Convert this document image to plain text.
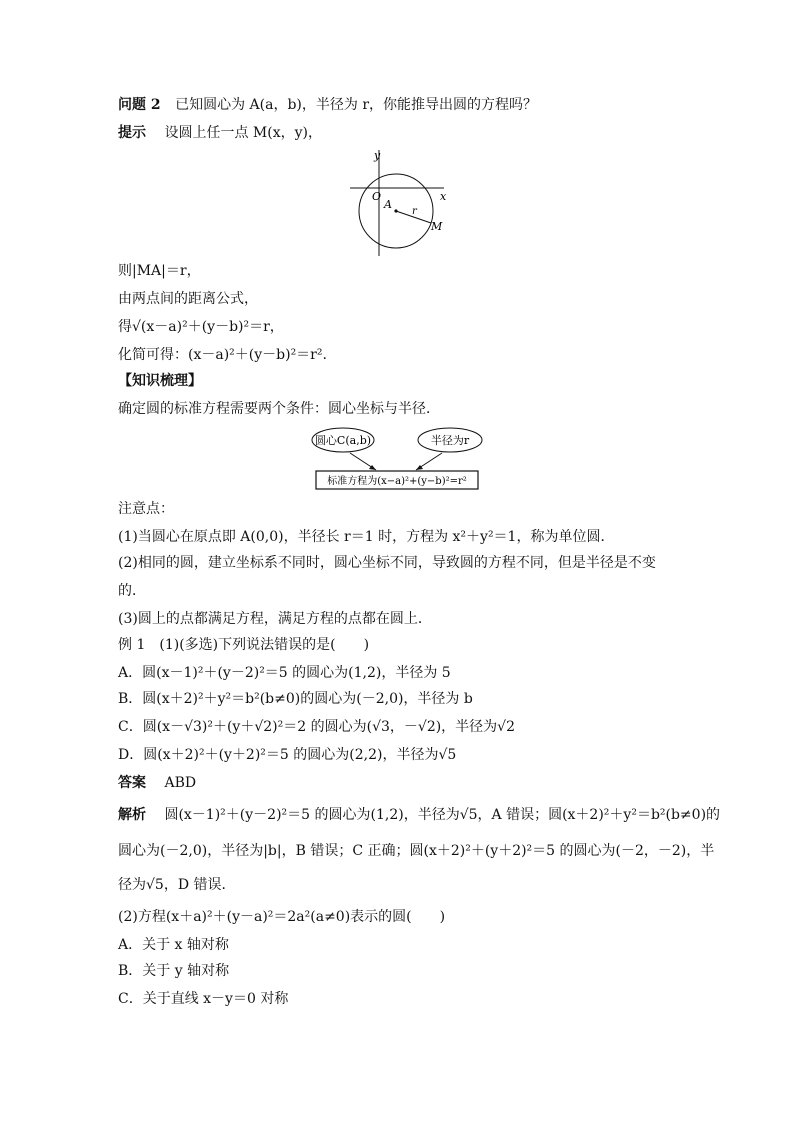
问题 2 已知圆心为 A(a，b)，半径为 r，你能推导出圆的方程吗？
提示 设圆上任一点 M(x，y)，
y
x
O
A
r
M
则|MA|＝r，
由两点间的距离公式，
得√(x－a)²＋(y－b)²＝r，
化简可得：(x－a)²＋(y－b)²＝r².
【知识梳理】
确定圆的标准方程需要两个条件：圆心坐标与半径．
圆心C(a,b)	半径为r
标准方程为(x−a)²+(y−b)²=r²
注意点：
(1)当圆心在原点即 A(0,0)，半径长 r＝1 时，方程为 x²＋y²＝1，称为单位圆．
(2)相同的圆，建立坐标系不同时，圆心坐标不同，导致圆的方程不同，但是半径是不变
的．
(3)圆上的点都满足方程，满足方程的点都在圆上．
例 1　(1)(多选)下列说法错误的是(　　)
A．圆(x－1)²＋(y－2)²＝5 的圆心为(1,2)，半径为 5
B．圆(x＋2)²＋y²＝b²(b≠0)的圆心为(－2,0)，半径为 b
C．圆(x－√3)²＋(y＋√2)²＝2 的圆心为(√3，－√2)，半径为√2
D．圆(x＋2)²＋(y＋2)²＝5 的圆心为(2,2)，半径为√5
答案 ABD
解析 圆(x－1)²＋(y－2)²＝5 的圆心为(1,2)，半径为√5，A 错误；圆(x＋2)²＋y²＝b²(b≠0)的
圆心为(－2,0)，半径为|b|，B 错误；C 正确；圆(x＋2)²＋(y＋2)²＝5 的圆心为(－2，－2)，半
径为√5，D 错误．
(2)方程(x＋a)²＋(y－a)²＝2a²(a≠0)表示的圆(　　)
A．关于 x 轴对称
B．关于 y 轴对称
C．关于直线 x－y＝0 对称
